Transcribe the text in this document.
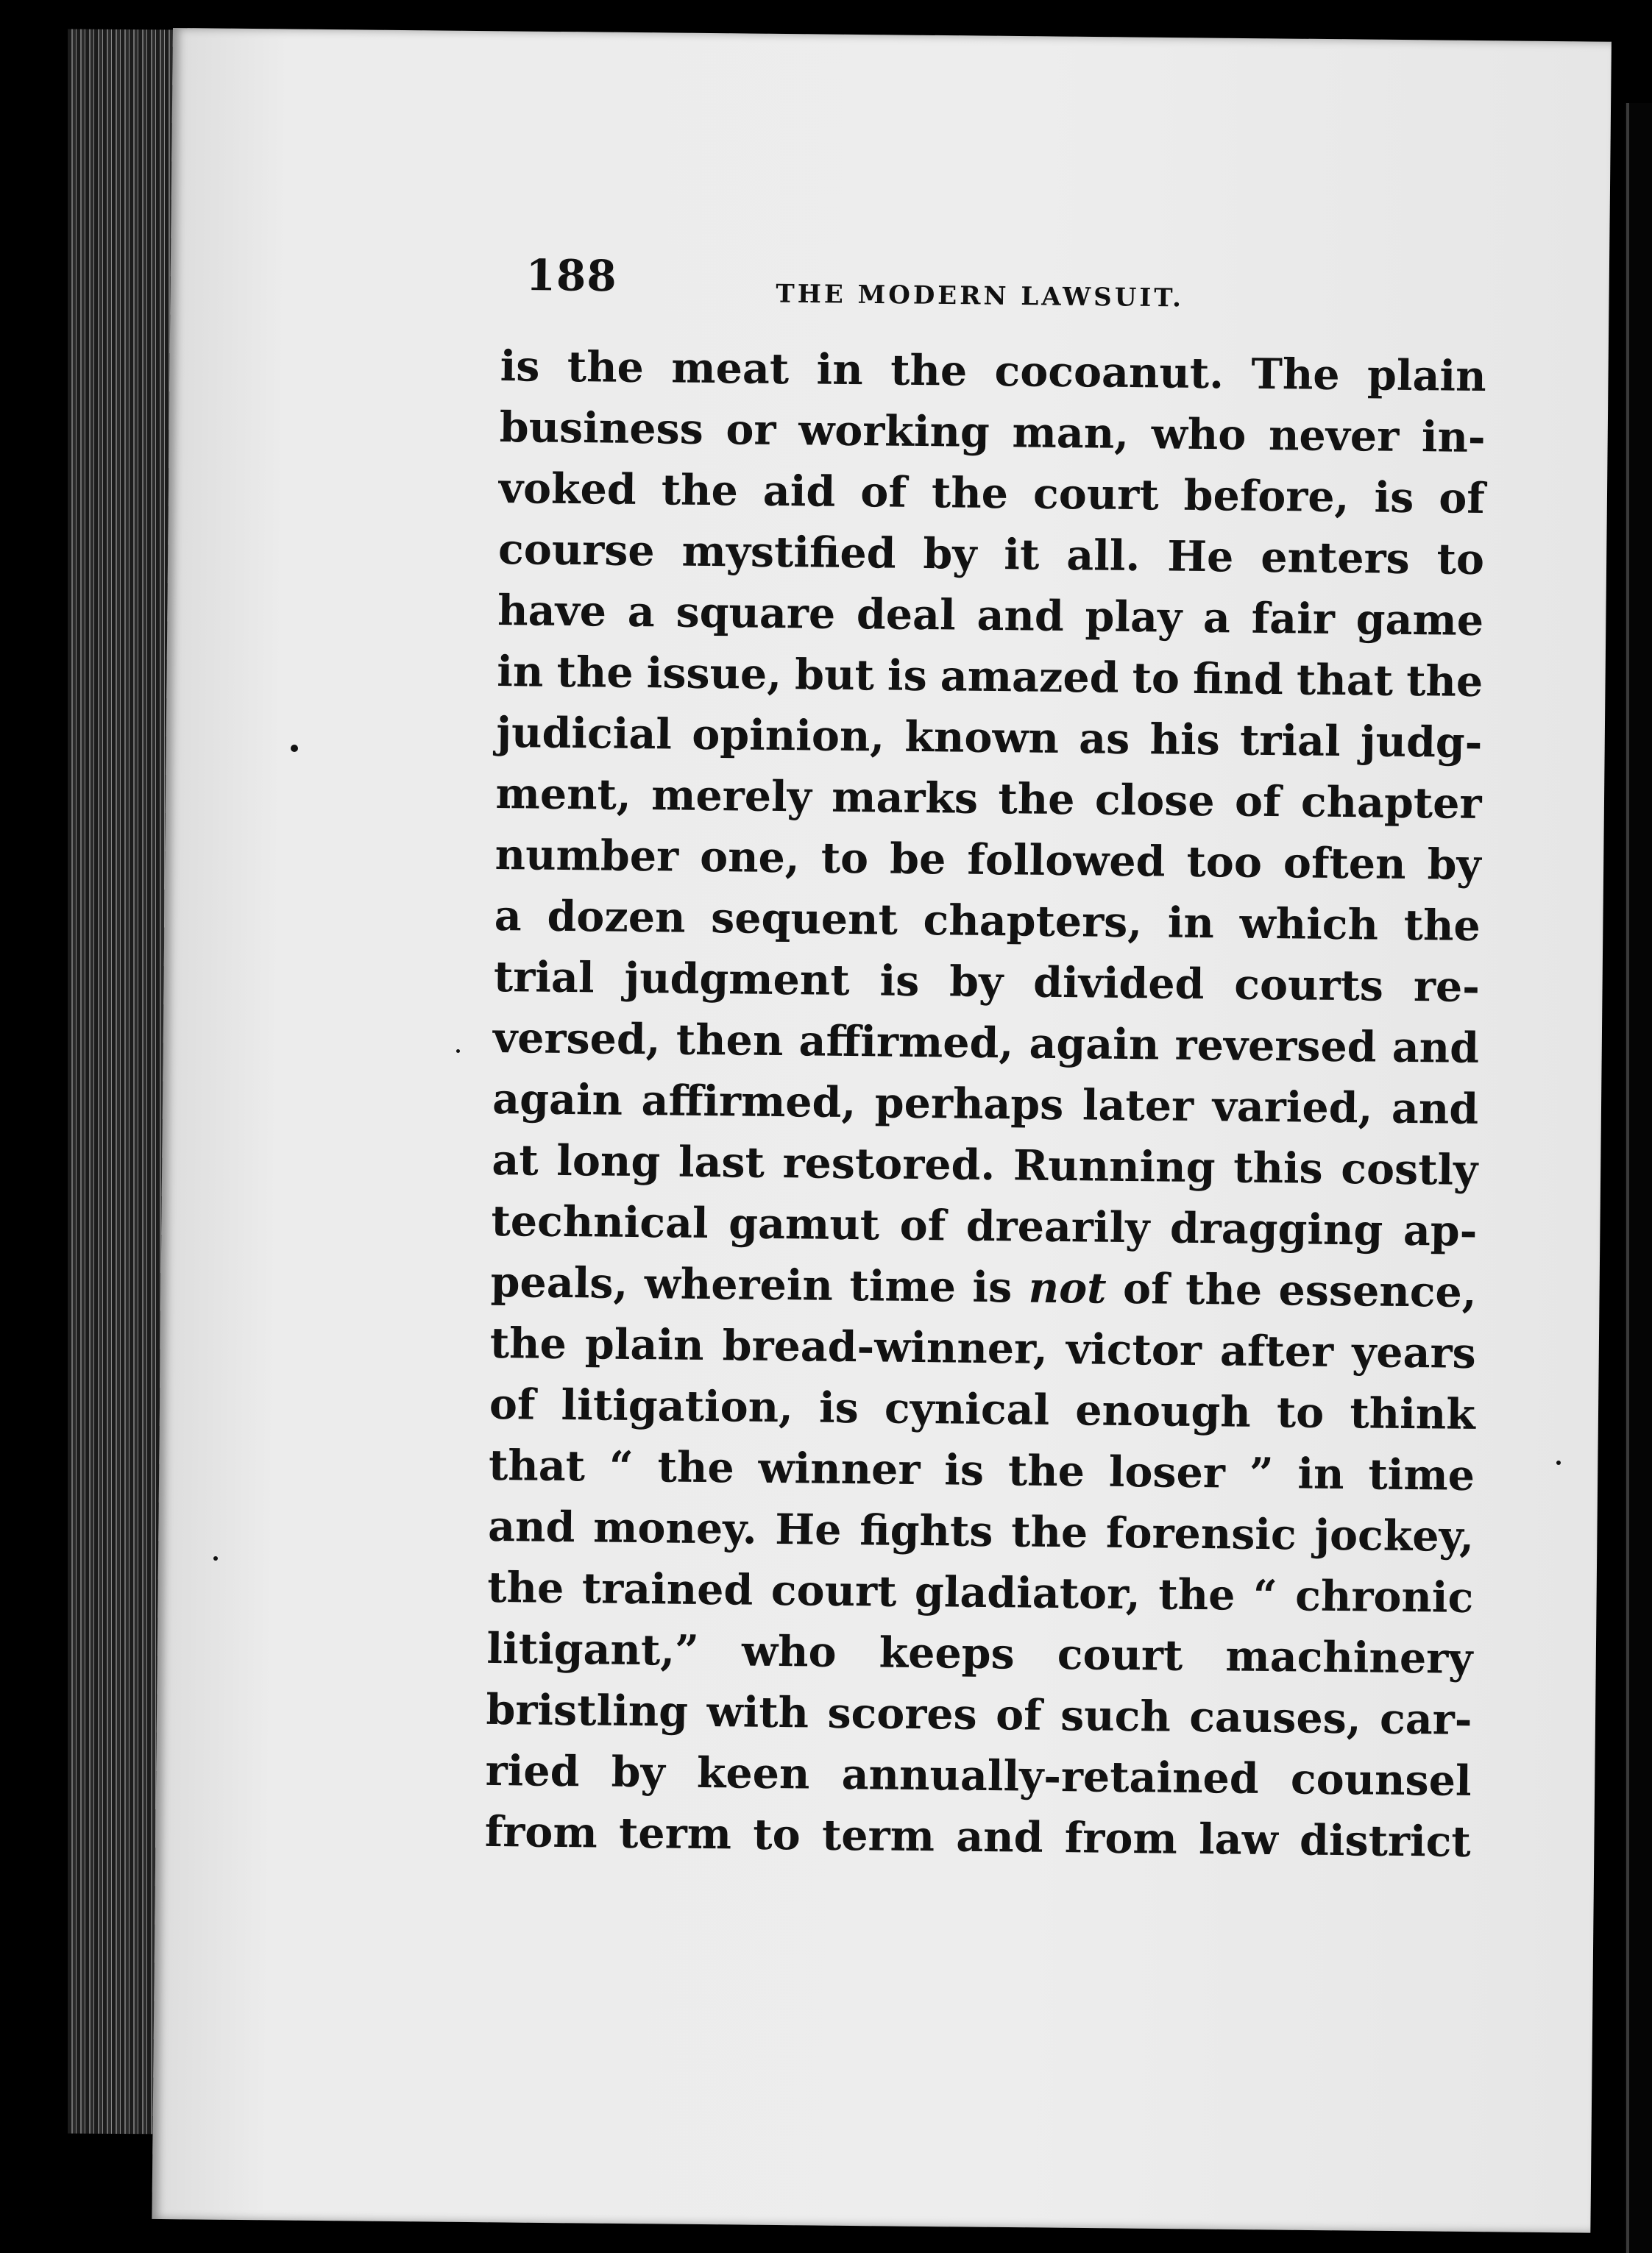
188	THE MODERN LAWSUIT.
is the meat in the cocoanut. The plain
business or working man, who never in-
voked the aid of the court before, is of
course mystified by it all. He enters to
have a square deal and play a fair game
in the issue, but is amazed to find that the
judicial opinion, known as his trial judg-
ment, merely marks the close of chapter
number one, to be followed too often by
a dozen sequent chapters, in which the
trial judgment is by divided courts re-
versed, then affirmed, again reversed and
again affirmed, perhaps later varied, and
at long last restored. Running this costly
technical gamut of drearily dragging ap-
peals, wherein time is not of the essence,
the plain bread-winner, victor after years
of litigation, is cynical enough to think
that “ the winner is the loser ” in time
and money. He fights the forensic jockey,
the trained court gladiator, the “ chronic
litigant,” who keeps court machinery
bristling with scores of such causes, car-
ried by keen annually-retained counsel
from term to term and from law district
